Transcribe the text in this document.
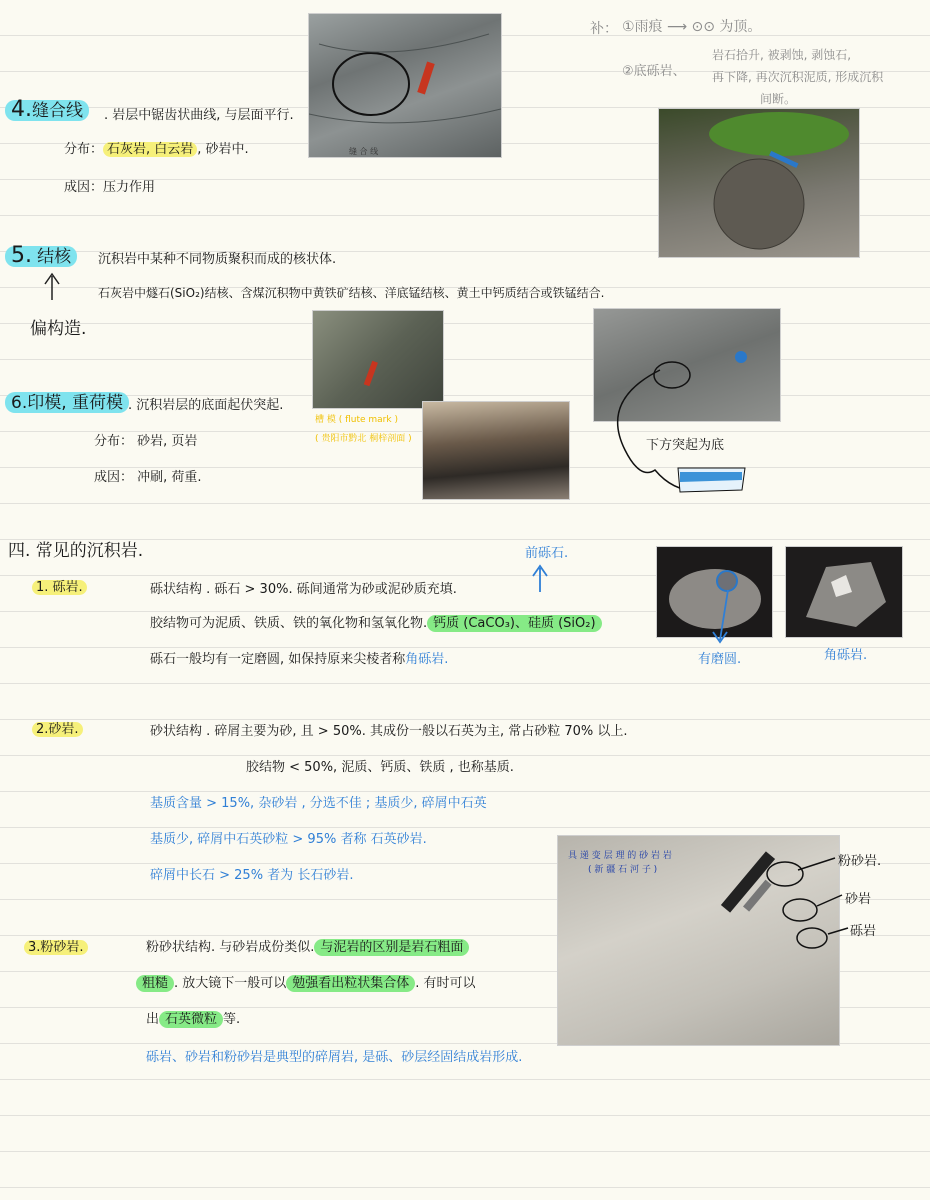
缝 合 线
槽 模 ( flute mark )
( 贵阳市黔北 桐梓剖面 )
具 递 变 层 理 的 砂 岩 岩
( 新 疆 石 河 子 )
补： ①雨痕 ⟶ ⊙⊙ 为顶。
②底砾岩、
岩石拾升, 被剥蚀, 剥蚀石,
再下降, 再次沉积泥质, 形成沉积
间断。
4.缝合线	. 岩层中锯齿状曲线, 与层面平行.
分布： 石灰岩, 白云岩 , 砂岩中.
成因：压力作用
5. 结核	沉积岩中某种不同物质聚积而成的核状体.
石灰岩中燧石(SiO₂)结核、含煤沉积物中黄铁矿结核、洋底锰结核、黄土中钙质结合或铁锰结合.
偏构造.
6.印模, 重荷模 . 沉积岩层的底面起伏突起.
分布： 砂岩, 页岩
成因： 冲刷, 荷重.
下方突起为底
四. 常见的沉积岩.
1. 砾岩.	砾状结构 . 砾石 > 30%. 砾间通常为砂或泥砂质充填.
胶结物可为泥质、铁质、铁的氧化物和氢氧化物. 钙质 (CaCO₃)、硅质 (SiO₂)
砾石一般均有一定磨圆, 如保持原来尖棱者称角砾岩.
前砾石.
有磨圆.	角砾岩.
2.砂岩.	砂状结构 . 碎屑主要为砂, 且 > 50%. 其成份一般以石英为主, 常占砂粒 70% 以上.
胶结物 < 50%, 泥质、钙质、铁质 , 也称基质.
基质含量 > 15%, 杂砂岩 , 分选不佳 ; 基质少, 碎屑中石英
基质少, 碎屑中石英砂粒 > 95% 者称 石英砂岩.
碎屑中长石 > 25% 者为 长石砂岩.
3.粉砂岩.	粉砂状结构. 与砂岩成份类似. 与泥岩的区别是岩石粗面
粗糙 . 放大镜下一般可以 勉强看出粒状集合体 . 有时可以
出 石英微粒 等.
砾岩、砂岩和粉砂岩是典型的碎屑岩, 是砾、砂层经固结成岩形成.
粉砂岩.
砂岩
砾岩
